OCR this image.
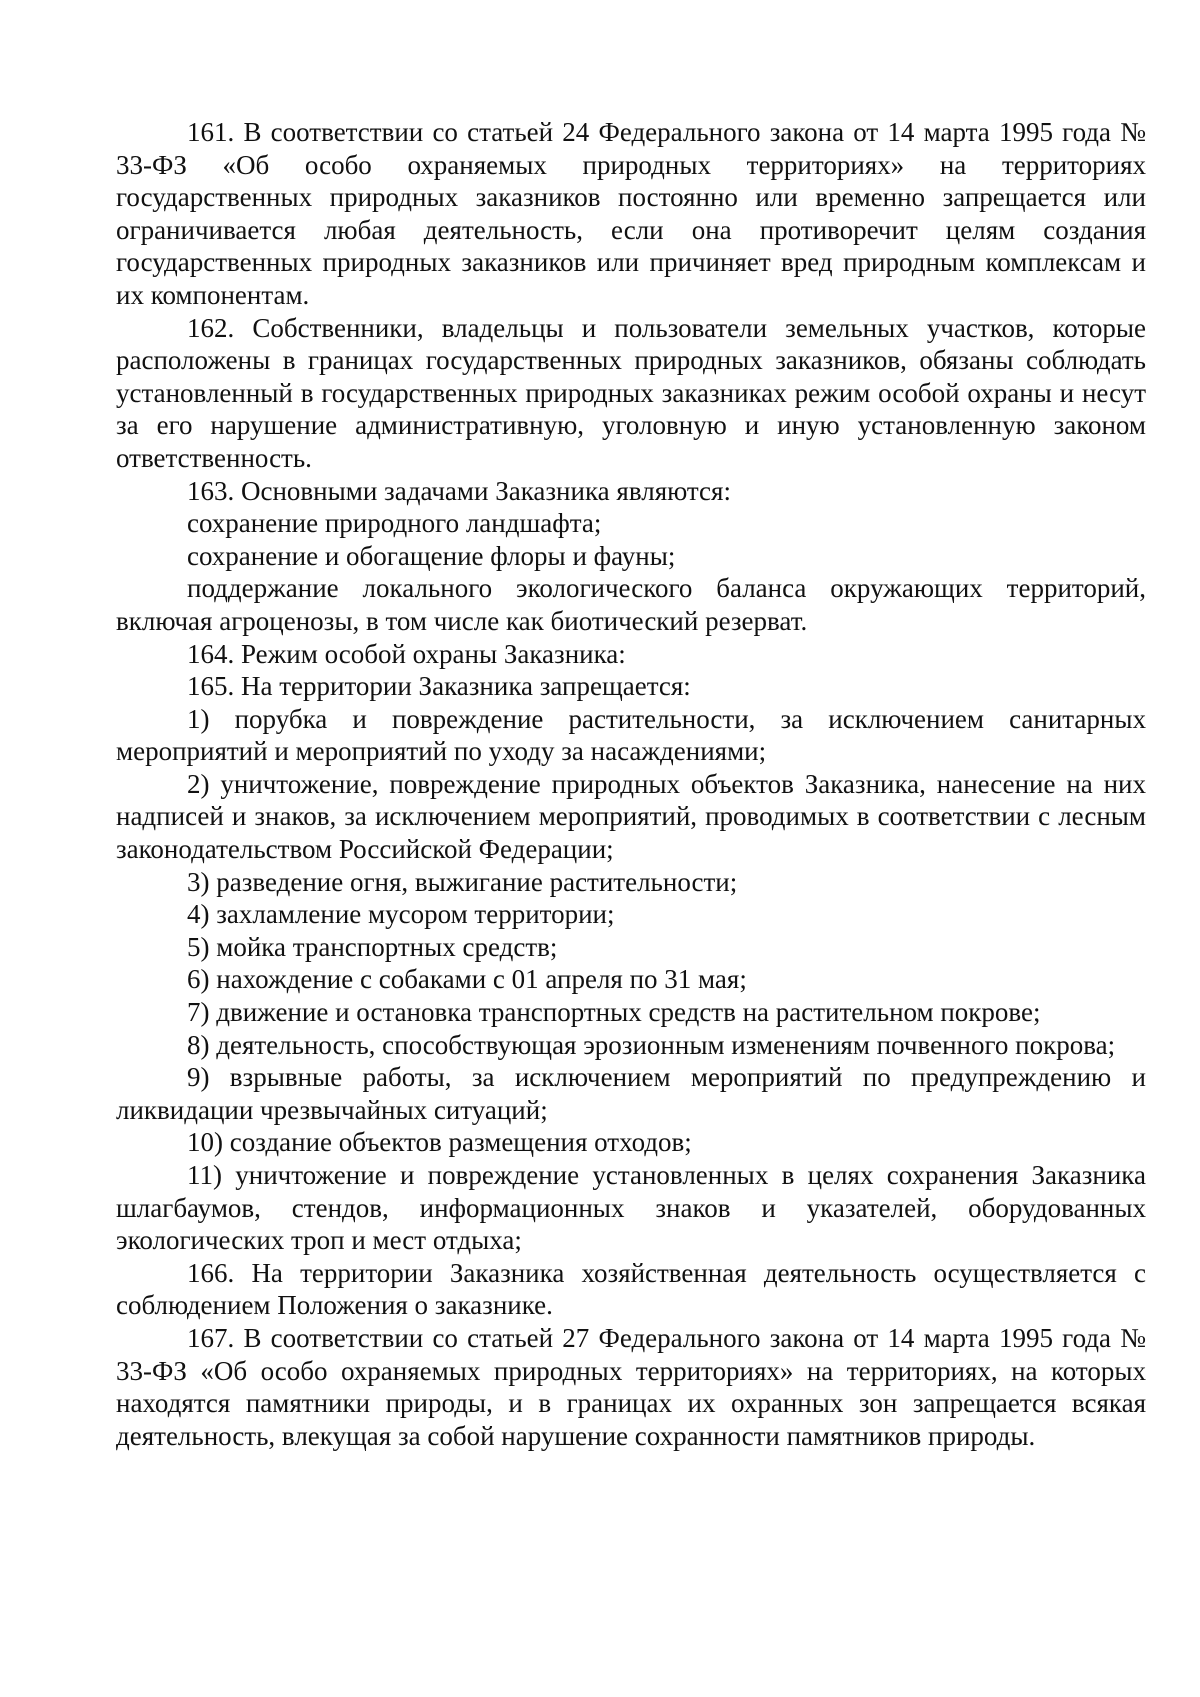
161. В соответствии со статьей 24 Федерального закона от 14 марта 1995 года № 33-ФЗ «Об особо охраняемых природных территориях» на территориях государственных природных заказников постоянно или временно запрещается или ограничивается любая деятельность, если она противоречит целям создания государственных природных заказников или причиняет вред природным комплексам и их компонентам.

162. Собственники, владельцы и пользователи земельных участков, которые расположены в границах государственных природных заказников, обязаны соблюдать установленный в государственных природных заказниках режим особой охраны и несут за его нарушение административную, уголовную и иную установленную законом ответственность.

163. Основными задачами Заказника являются:

сохранение природного ландшафта;

сохранение и обогащение флоры и фауны;

поддержание локального экологического баланса окружающих территорий, включая агроценозы, в том числе как биотический резерват.

164. Режим особой охраны Заказника:

165. На территории Заказника запрещается:

1) порубка и повреждение растительности, за исключением санитарных мероприятий и мероприятий по уходу за насаждениями;

2) уничтожение, повреждение природных объектов Заказника, нанесение на них надписей и знаков, за исключением мероприятий, проводимых в соответствии с лесным законодательством Российской Федерации;

3) разведение огня, выжигание растительности;

4) захламление мусором территории;

5) мойка транспортных средств;

6) нахождение с собаками с 01 апреля по 31 мая;

7) движение и остановка транспортных средств на растительном покрове;

8) деятельность, способствующая эрозионным изменениям почвенного покрова;

9) взрывные работы, за исключением мероприятий по предупреждению и ликвидации чрезвычайных ситуаций;

10) создание объектов размещения отходов;

11) уничтожение и повреждение установленных в целях сохранения Заказника шлагбаумов, стендов, информационных знаков и указателей, оборудованных экологических троп и мест отдыха;

166. На территории Заказника хозяйственная деятельность осуществляется с соблюдением Положения о заказнике.

167. В соответствии со статьей 27 Федерального закона от 14 марта 1995 года № 33-ФЗ «Об особо охраняемых природных территориях» на территориях, на которых находятся памятники природы, и в границах их охранных зон запрещается всякая деятельность, влекущая за собой нарушение сохранности памятников природы.
